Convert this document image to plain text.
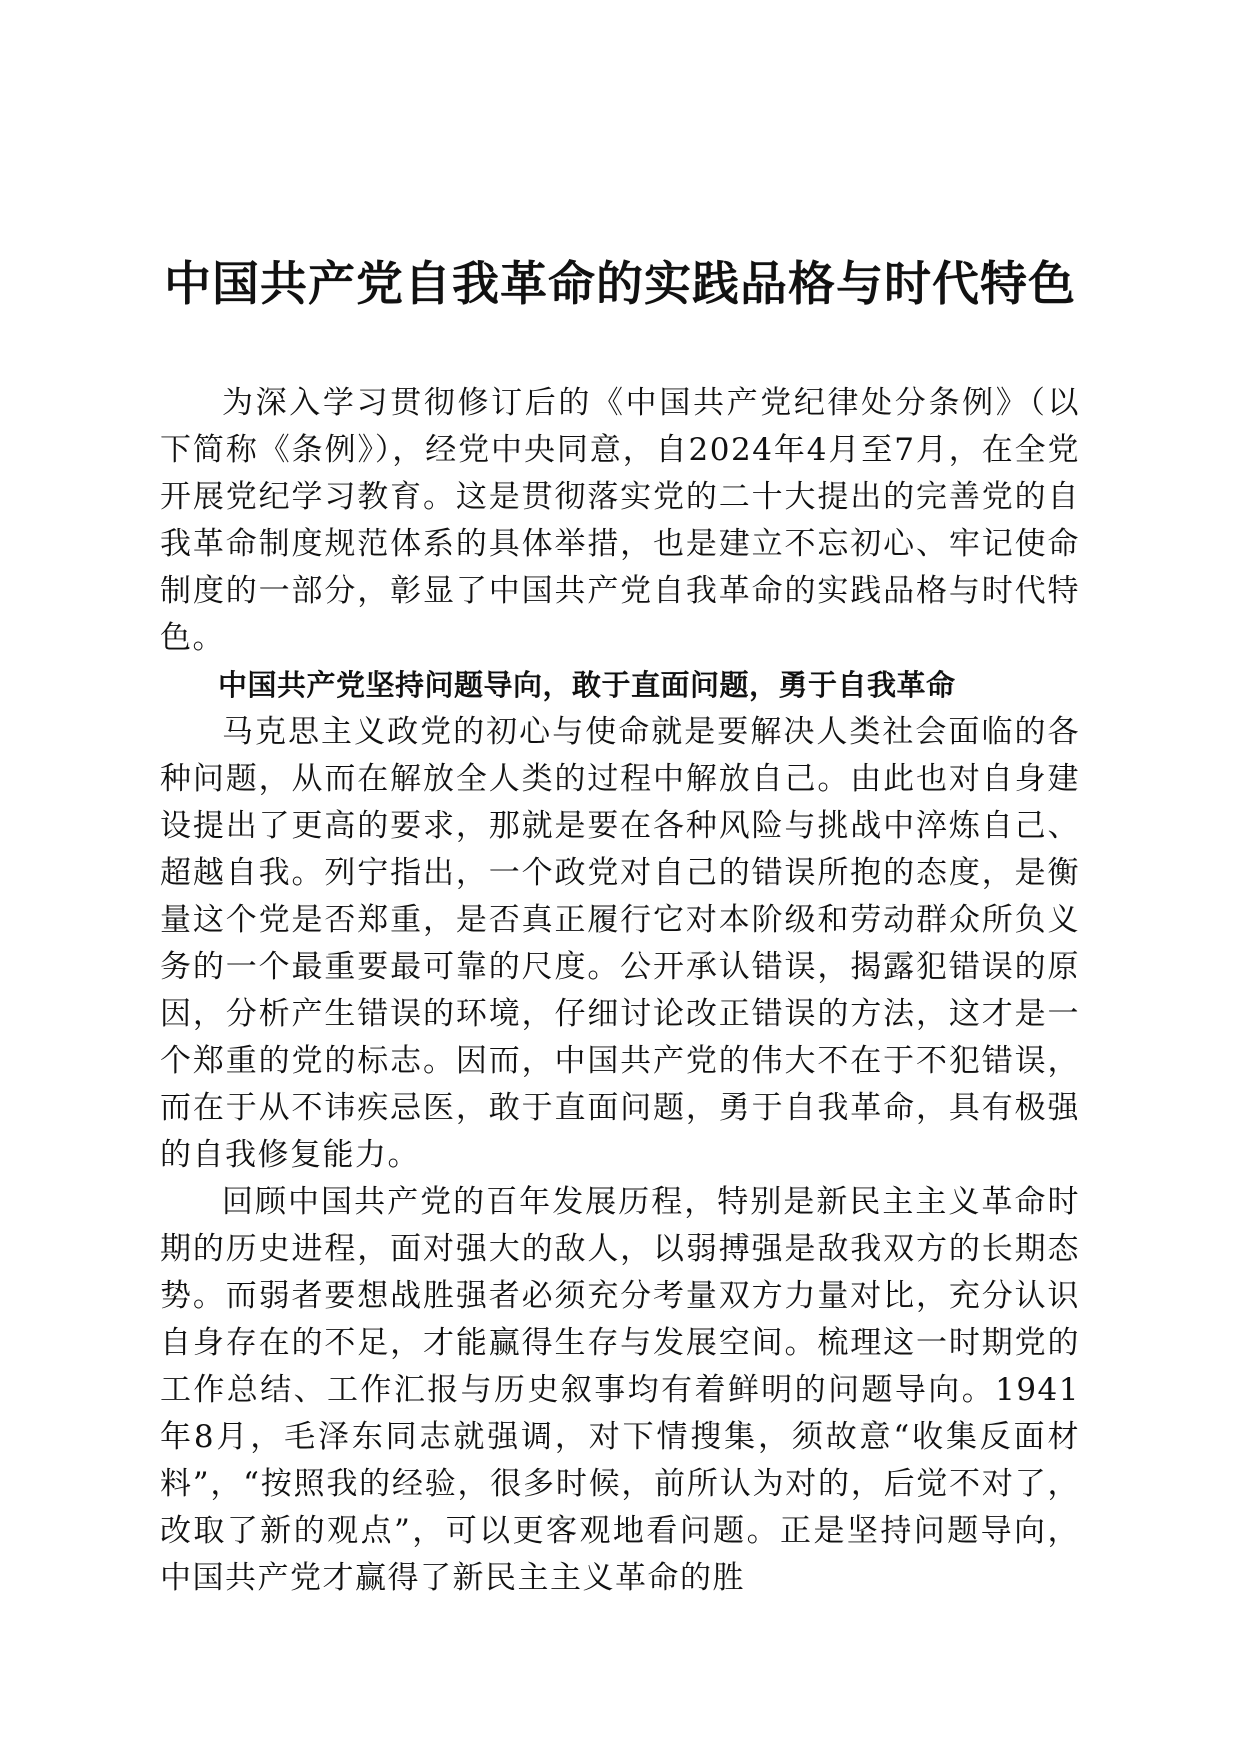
中国共产党自我革命的实践品格与时代特色

为深入学习贯彻修订后的《中国共产党纪律处分条例》（以下简称《条例》），经党中央同意，自2024年4月至7月，在全党开展党纪学习教育。这是贯彻落实党的二十大提出的完善党的自我革命制度规范体系的具体举措，也是建立不忘初心、牢记使命制度的一部分，彰显了中国共产党自我革命的实践品格与时代特色。

中国共产党坚持问题导向，敢于直面问题，勇于自我革命

马克思主义政党的初心与使命就是要解决人类社会面临的各种问题，从而在解放全人类的过程中解放自己。由此也对自身建设提出了更高的要求，那就是要在各种风险与挑战中淬炼自己、超越自我。列宁指出，一个政党对自己的错误所抱的态度，是衡量这个党是否郑重，是否真正履行它对本阶级和劳动群众所负义务的一个最重要最可靠的尺度。公开承认错误，揭露犯错误的原因，分析产生错误的环境，仔细讨论改正错误的方法，这才是一个郑重的党的标志。因而，中国共产党的伟大不在于不犯错误，而在于从不讳疾忌医，敢于直面问题，勇于自我革命，具有极强的自我修复能力。

回顾中国共产党的百年发展历程，特别是新民主主义革命时期的历史进程，面对强大的敌人，以弱搏强是敌我双方的长期态势。而弱者要想战胜强者必须充分考量双方力量对比，充分认识自身存在的不足，才能赢得生存与发展空间。梳理这一时期党的工作总结、工作汇报与历史叙事均有着鲜明的问题导向。1941年8月，毛泽东同志就强调，对下情搜集，须故意“收集反面材料”，“按照我的经验，很多时候，前所认为对的，后觉不对了，改取了新的观点”，可以更客观地看问题。正是坚持问题导向，中国共产党才赢得了新民主主义革命的胜
